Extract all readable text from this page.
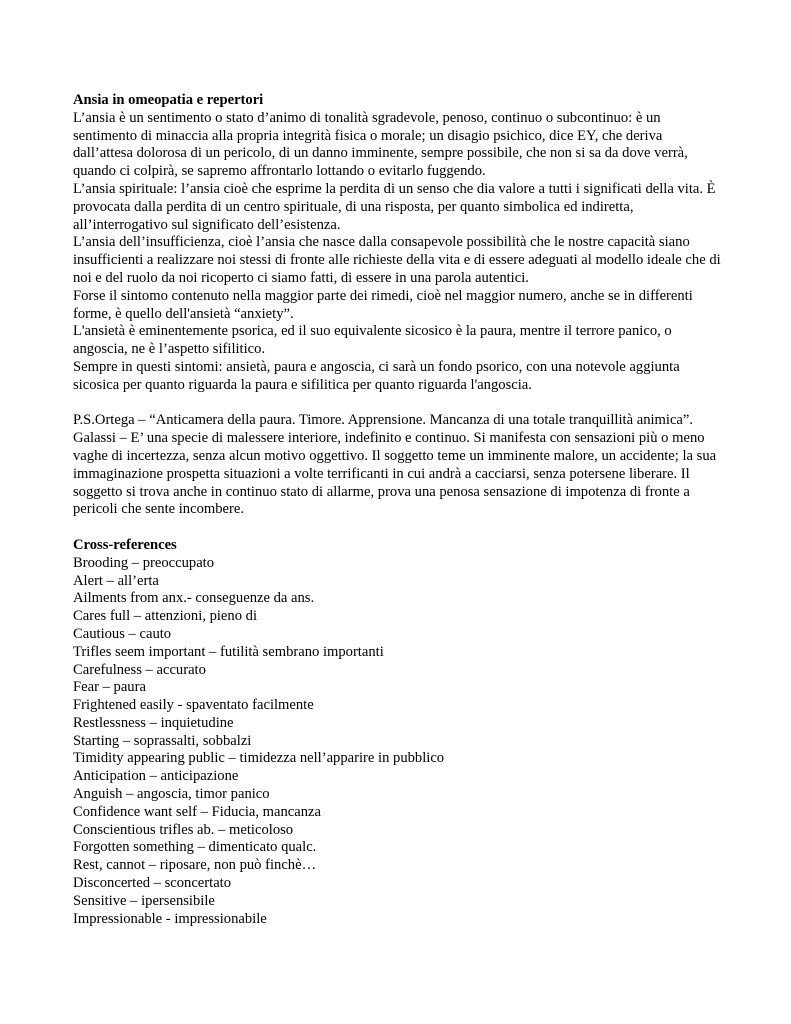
Ansia in omeopatia e repertori

L’ansia è un sentimento o stato d’animo di tonalità sgradevole, penoso, continuo o subcontinuo: è un sentimento di minaccia alla propria integrità fisica o morale; un disagio psichico, dice EY, che deriva dall’attesa dolorosa di un pericolo, di un danno imminente, sempre possibile, che non si sa da dove verrà, quando ci colpirà, se sapremo affrontarlo lottando o evitarlo fuggendo.

L’ansia spirituale: l’ansia cioè che esprime la perdita di un senso che dia valore a tutti i significati della vita. È provocata dalla perdita di un centro spirituale, di una risposta, per quanto simbolica ed indiretta, all’interrogativo sul significato dell’esistenza.

L’ansia dell’insufficienza, cioè l’ansia che nasce dalla consapevole possibilità che le nostre capacità siano insufficienti a realizzare noi stessi di fronte alle richieste della vita e di essere adeguati al modello ideale che di noi e del ruolo da noi ricoperto ci siamo fatti, di essere in una parola autentici.

Forse il sintomo contenuto nella maggior parte dei rimedi, cioè nel maggior numero, anche se in differenti forme, è quello dell'ansietà “anxiety”.

L'ansietà è eminentemente psorica, ed il suo equivalente sicosico è la paura, mentre il terrore panico, o angoscia, ne è l’aspetto sifilitico.

Sempre in questi sintomi: ansietà, paura e angoscia, ci sarà un fondo psorico, con una notevole aggiunta sicosica per quanto riguarda la paura e sifilitica per quanto riguarda l'angoscia.

P.S.Ortega – “Anticamera della paura. Timore. Apprensione. Mancanza di una totale tranquillità animica”.

Galassi – E’ una specie di malessere interiore, indefinito e continuo. Si manifesta con sensazioni più o meno vaghe di incertezza, senza alcun motivo oggettivo. Il soggetto teme un imminente malore, un accidente; la sua immaginazione prospetta situazioni a volte terrificanti in cui andrà a cacciarsi, senza potersene liberare. Il soggetto si trova anche in continuo stato di allarme, prova una penosa sensazione di impotenza di fronte a pericoli che sente incombere.

Cross-references
Brooding – preoccupato
Alert – all’erta
Ailments from anx.- conseguenze da ans.
Cares full – attenzioni, pieno di
Cautious – cauto
Trifles seem important – futilità sembrano importanti
Carefulness – accurato
Fear – paura
Frightened easily - spaventato facilmente
Restlessness – inquietudine
Starting – soprassalti, sobbalzi
Timidity appearing public – timidezza nell’apparire in pubblico
Anticipation – anticipazione
Anguish – angoscia, timor panico
Confidence want self – Fiducia, mancanza
Conscientious trifles ab. – meticoloso
Forgotten something – dimenticato qualc.
Rest, cannot – riposare, non può finchè…
Disconcerted – sconcertato
Sensitive – ipersensibile
Impressionable - impressionabile
